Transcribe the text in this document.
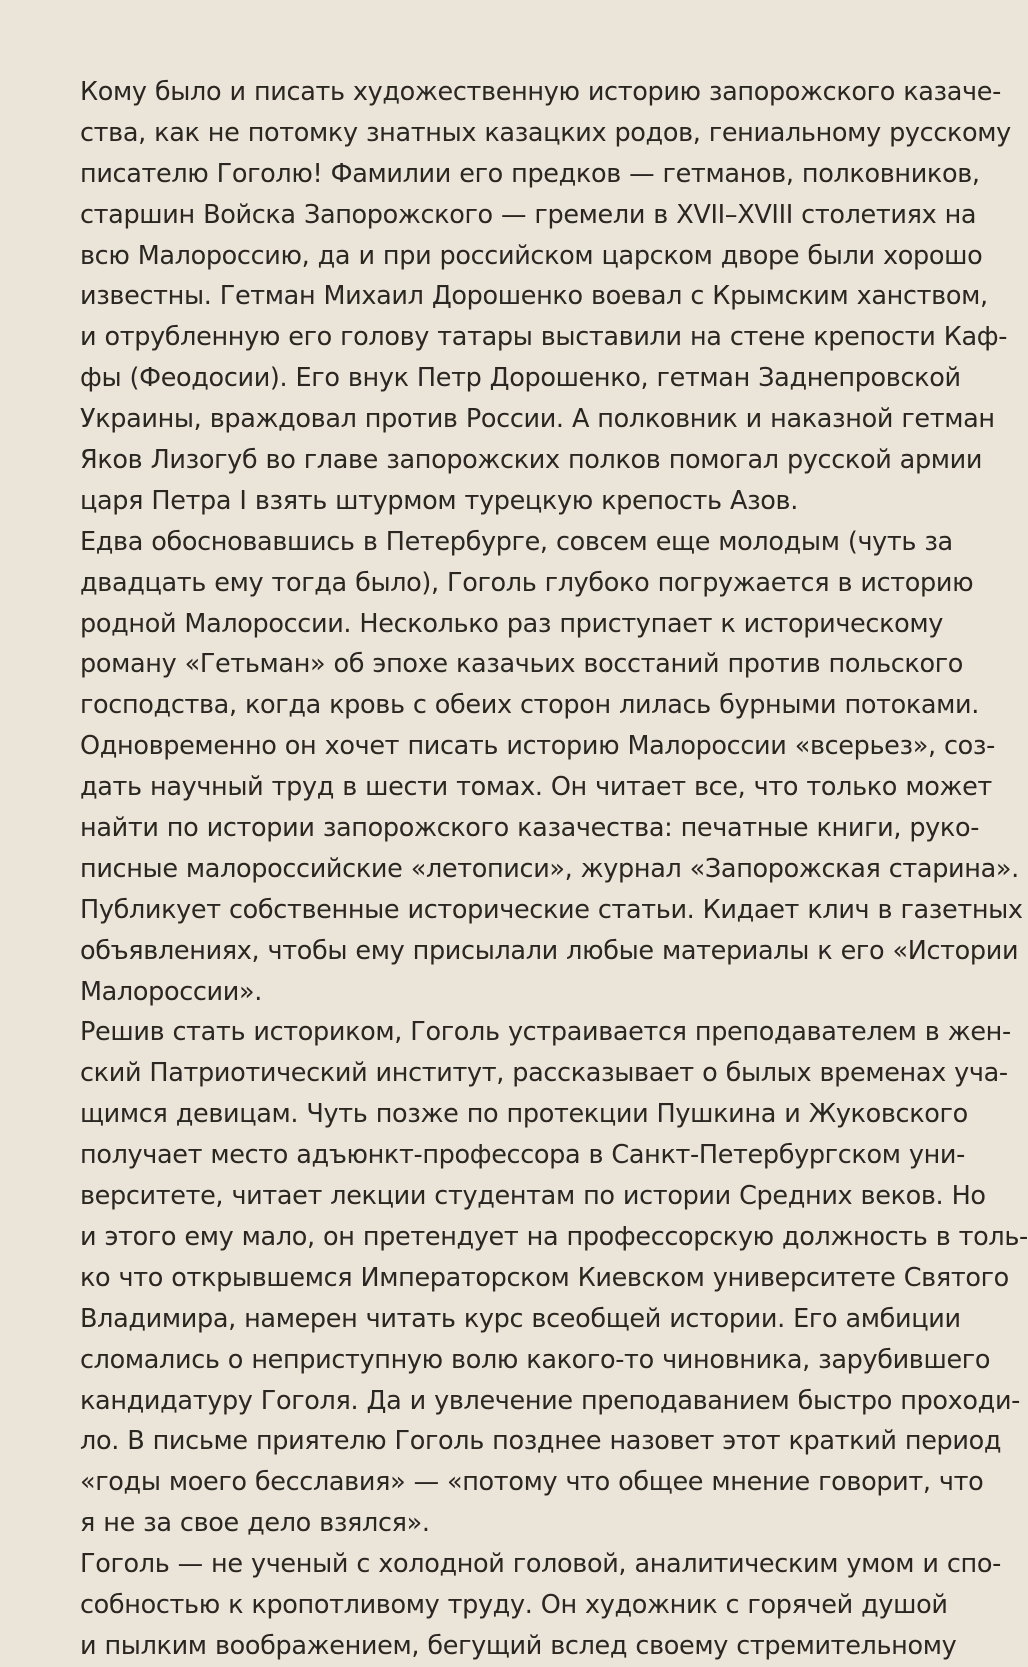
Кому было и писать художественную историю запорожского казаче-
ства, как не потомку знатных казацких родов, гениальному русскому
писателю Гоголю! Фамилии его предков — гетманов, полковников,
старшин Войска Запорожского — гремели в XVII–XVIII столетиях на
всю Малороссию, да и при российском царском дворе были хорошо
известны. Гетман Михаил Дорошенко воевал с Крымским ханством,
и отрубленную его голову татары выставили на стене крепости Каф-
фы (Феодосии). Его внук Петр Дорошенко, гетман Заднепровской
Украины, враждовал против России. А полковник и наказной гетман
Яков Лизогуб во главе запорожских полков помогал русской армии
царя Петра I взять штурмом турецкую крепость Азов.
Едва обосновавшись в Петербурге, совсем еще молодым (чуть за
двадцать ему тогда было), Гоголь глубоко погружается в историю
родной Малороссии. Несколько раз приступает к историческому
роману «Гетьман» об эпохе казачьих восстаний против польского
господства, когда кровь с обеих сторон лилась бурными потоками.
Одновременно он хочет писать историю Малороссии «всерьез», соз-
дать научный труд в шести томах. Он читает все, что только может
найти по истории запорожского казачества: печатные книги, руко-
писные малороссийские «летописи», журнал «Запорожская старина».
Публикует собственные исторические статьи. Кидает клич в газетных
объявлениях, чтобы ему присылали любые материалы к его «Истории
Малороссии».
Решив стать историком, Гоголь устраивается преподавателем в жен-
ский Патриотический институт, рассказывает о былых временах уча-
щимся девицам. Чуть позже по протекции Пушкина и Жуковского
получает место адъюнкт-профессора в Санкт-Петербургском уни-
верситете, читает лекции студентам по истории Средних веков. Но
и этого ему мало, он претендует на профессорскую должность в толь-
ко что открывшемся Императорском Киевском университете Святого
Владимира, намерен читать курс всеобщей истории. Его амбиции
сломались о неприступную волю какого-то чиновника, зарубившего
кандидатуру Гоголя. Да и увлечение преподаванием быстро проходи-
ло. В письме приятелю Гоголь позднее назовет этот краткий период
«годы моего бесславия» — «потому что общее мнение говорит, что
я не за свое дело взялся».
Гоголь — не ученый с холодной головой, аналитическим умом и спо-
собностью к кропотливому труду. Он художник с горячей душой
и пылким воображением, бегущий вслед своему стремительному
